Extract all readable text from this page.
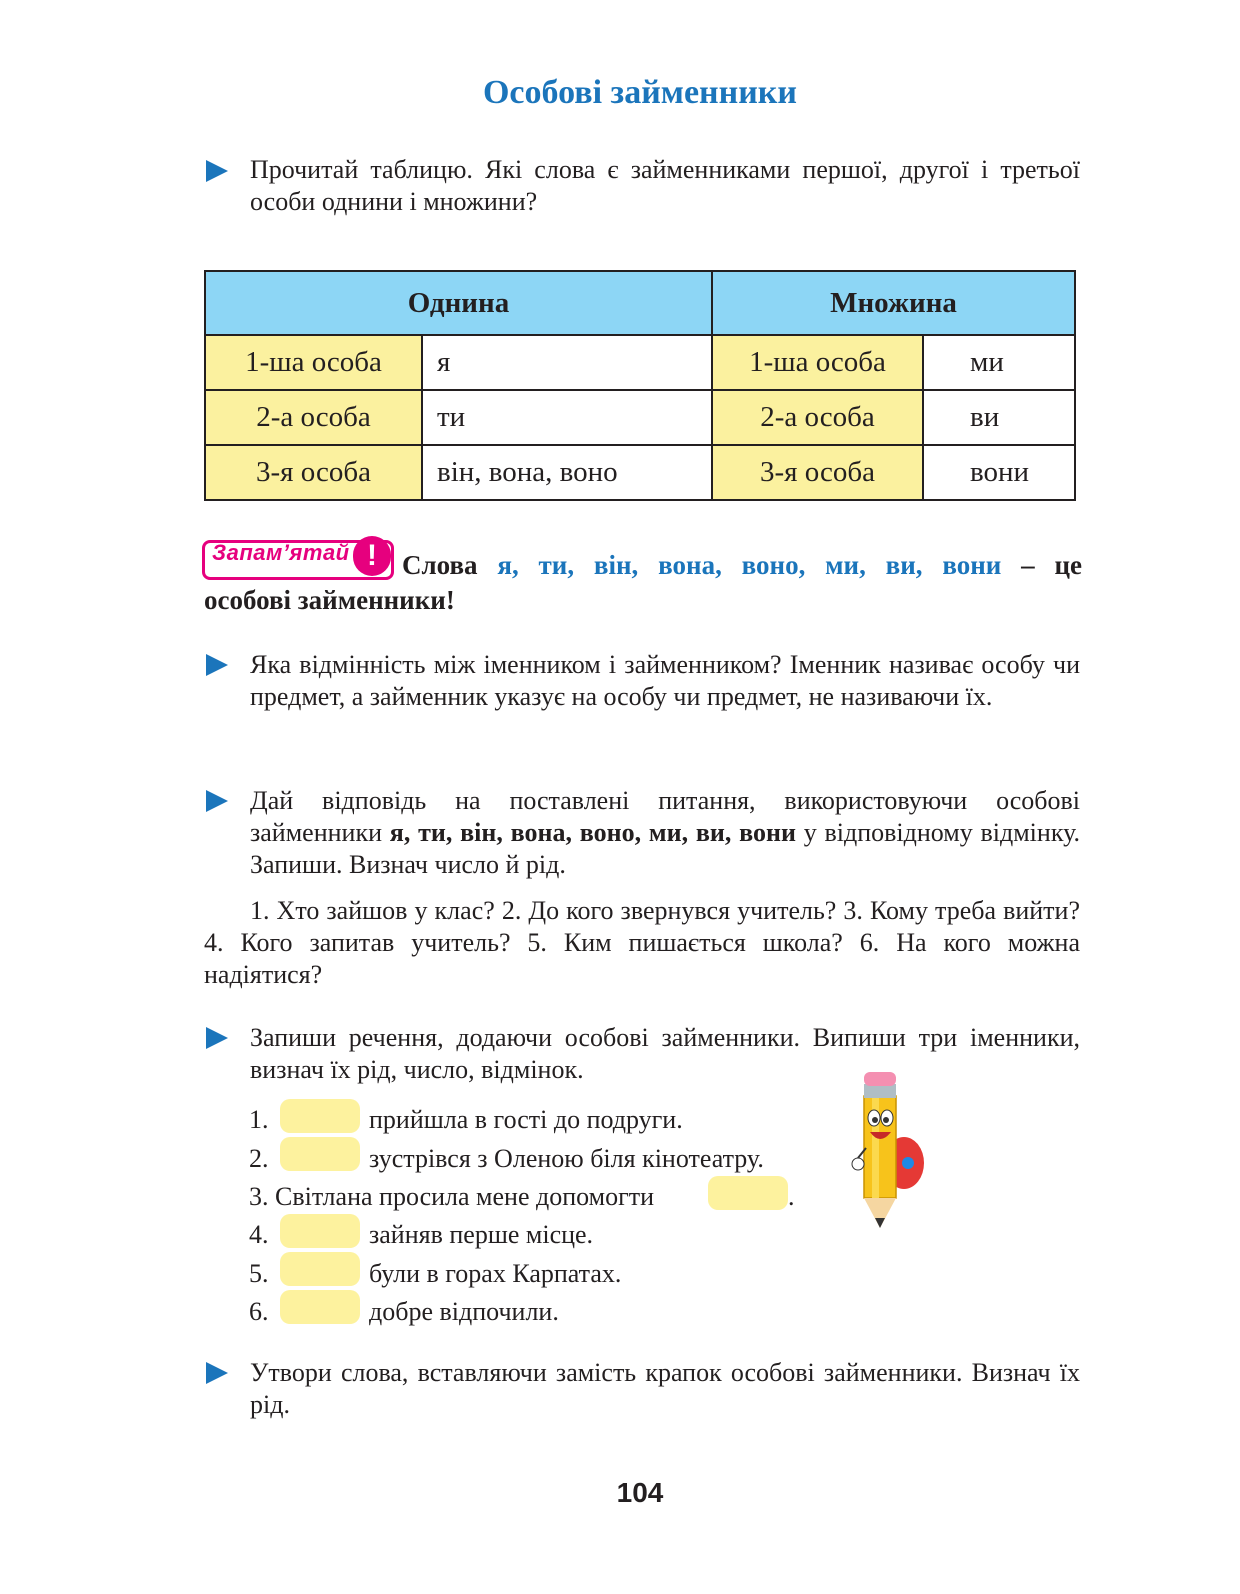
Особові займенники
Прочитай таблицю. Які слова є займенниками першої, другої і третьої особи однини і множини?
Однина		Множина	
1-ша особа	я	1-ша особа	ми
2-а особа	ти	2-а особа	ви
3-я особа	він, вона, воно	3-я особа	вони
Запам’ятай ! Слова я, ти, він, вона, воно, ми, ви, вони – це
особові займенники!
Яка відмінність між іменником і займенником? Іменник називає особу чи предмет, а займенник указує на особу чи предмет, не називаючи їх.
Дай відповідь на поставлені питання, використовуючи особові займенники я, ти, він, вона, воно, ми, ви, вони у відповідному відмінку. Запиши. Визнач число й рід.
1. Хто зайшов у клас? 2. До кого звернувся учитель? 3. Кому треба вийти? 4. Кого запитав учитель? 5. Ким пишається школа? 6. На кого можна надіятися?
Запиши речення, додаючи особові займенники. Випиши три іменники, визнач їх рід, число, відмінок.
1.	прийшла в гості до подруги.
2.	зустрівся з Оленою біля кінотеатру.
3. Світлана просила мене допомогти	.
4.	зайняв перше місце.
5.	були в горах Карпатах.
6.	добре відпочили.
Утвори слова, вставляючи замість крапок особові займенники. Визнач їх рід.
104
